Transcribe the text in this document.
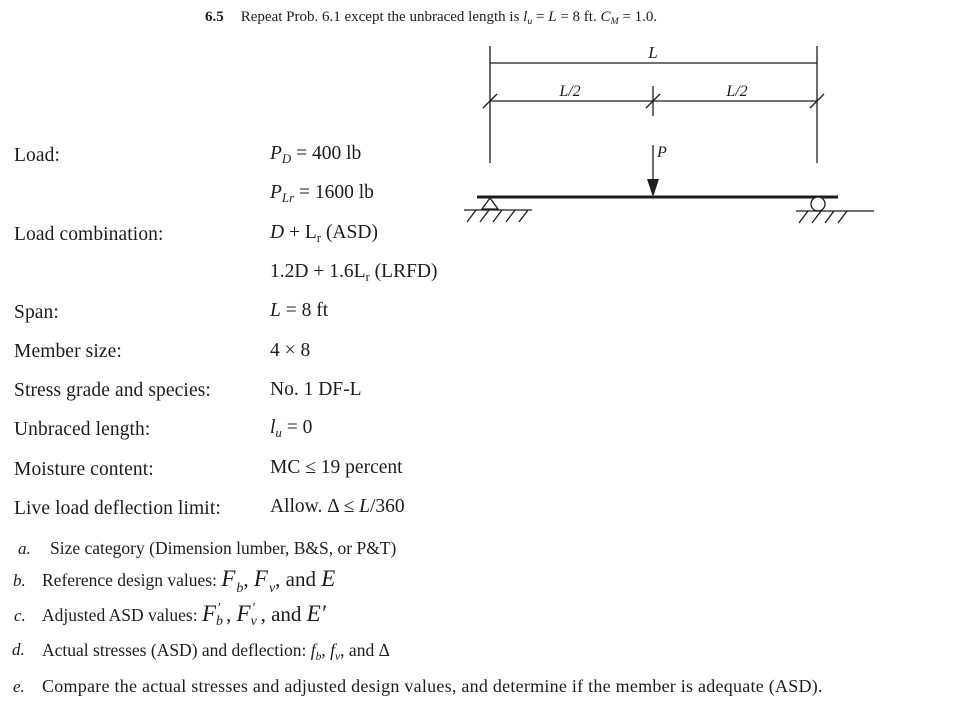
6.5 Repeat Prob. 6.1 except the unbraced length is $l_u = L = 8$ ft. $C_M = 1.0$.
L
L/2	L/2
P
Load:
Load combination:
Span:
Member size:
Stress grade and species:
Unbraced length:
Moisture content:
Live load deflection limit:
$P_D = 400$ lb
$P_{Lr} = 1600$ lb
$D + L_r$ (ASD)
$1.2D + 1.6L_r$ (LRFD)
L = 8 ft
4 × 8
No. 1 DF-L
$l_u = 0$
MC ≤ 19 percent
Allow. Δ ≤ L/360
a. Size category (Dimension lumber, B&S, or P&T)
b. Reference design values: $F_b$, $F_v$, and E
c. Adjusted ASD values: F ′
b , F ′
v , and E′
d. Actual stresses (ASD) and deflection: $f_b$, $f_v$, and Δ
e. Compare the actual stresses and adjusted design values, and determine if the member is adequate (ASD).
